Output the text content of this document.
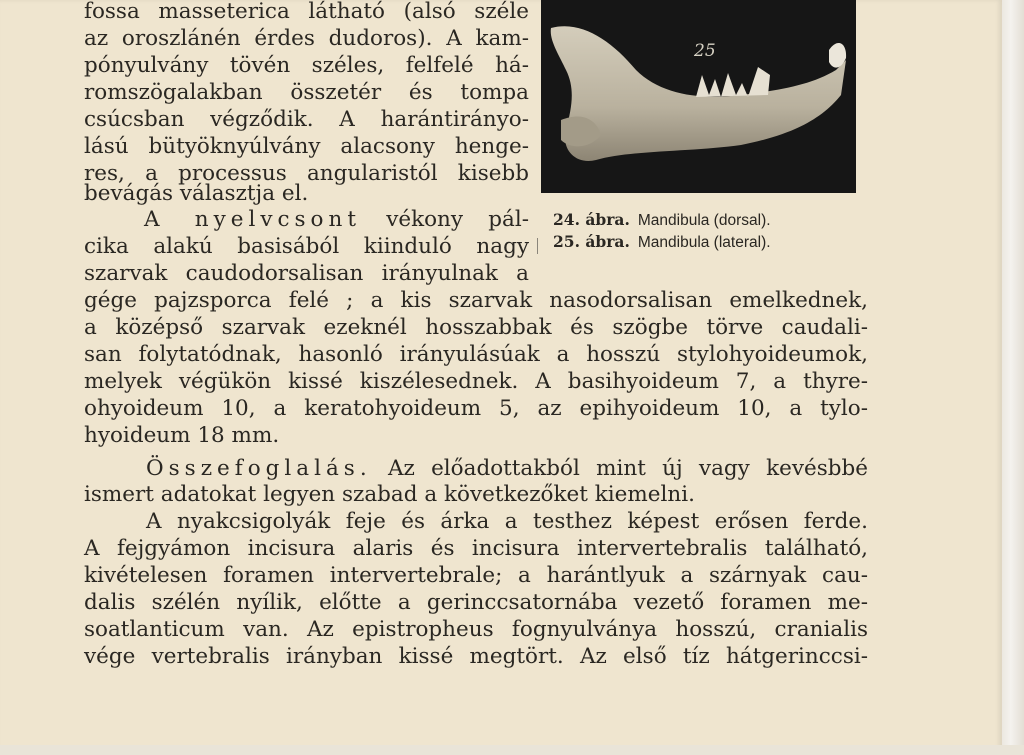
25
24. ábra. Mandibula (dorsal).
25. ábra. Mandibula (lateral).
fossa masseterica látható (alsó széle
az oroszlánén érdes dudoros). A kam-
pónyulvány tövén széles, felfelé há-
romszögalakban összetér és tompa
csúcsban végződik. A harántirányo-
lású bütyöknyúlvány alacsony henge-
res, a processus angularistól kisebb
bevágás választja el.
A nyelvcsont vékony pál-
cika alakú basisából kiinduló nagy
szarvak caudodorsalisan irányulnak a
gége pajzsporca felé ; a kis szarvak nasodorsalisan emelkednek,
a középső szarvak ezeknél hosszabbak és szögbe törve caudali-
san folytatódnak, hasonló irányulásúak a hosszú stylohyoideumok,
melyek végükön kissé kiszélesednek. A basihyoideum 7, a thyre-
ohyoideum 10, a keratohyoideum 5, az epihyoideum 10, a tylo-
hyoideum 18 mm.
Összefoglalás. Az előadottakból mint új vagy kevésbbé
ismert adatokat legyen szabad a következőket kiemelni.
A nyakcsigolyák feje és árka a testhez képest erősen ferde.
A fejgyámon incisura alaris és incisura intervertebralis található,
kivételesen foramen intervertebrale; a harántlyuk a szárnyak cau-
dalis szélén nyílik, előtte a gerinccsatornába vezető foramen me-
soatlanticum van. Az epistropheus fognyulványa hosszú, cranialis
vége vertebralis irányban kissé megtört. Az első tíz hátgerinccsi-
